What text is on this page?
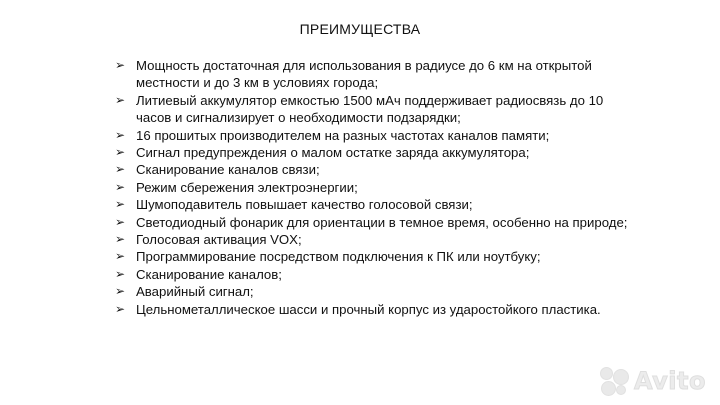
ПРЕИМУЩЕСТВА
➢ Мощность достаточная для использования в радиусе до 6 км на открытой местности и до 3 км в условиях города;
➢ Литиевый аккумулятор емкостью 1500 мАч поддерживает радиосвязь до 10 часов и сигнализирует о необходимости подзарядки;
➢ 16 прошитых производителем на разных частотах каналов памяти;
➢ Сигнал предупреждения о малом остатке заряда аккумулятора;
➢ Сканирование каналов связи;
➢ Режим сбережения электроэнергии;
➢ Шумоподавитель повышает качество голосовой связи;
➢ Светодиодный фонарик для ориентации в темное время, особенно на природе;
➢ Голосовая активация VOX;
➢ Программирование посредством подключения к ПК или ноутбуку;
➢ Сканирование каналов;
➢ Аварийный сигнал;
➢ Цельнометаллическое шасси и прочный корпус из ударостойкого пластика.
Avito
